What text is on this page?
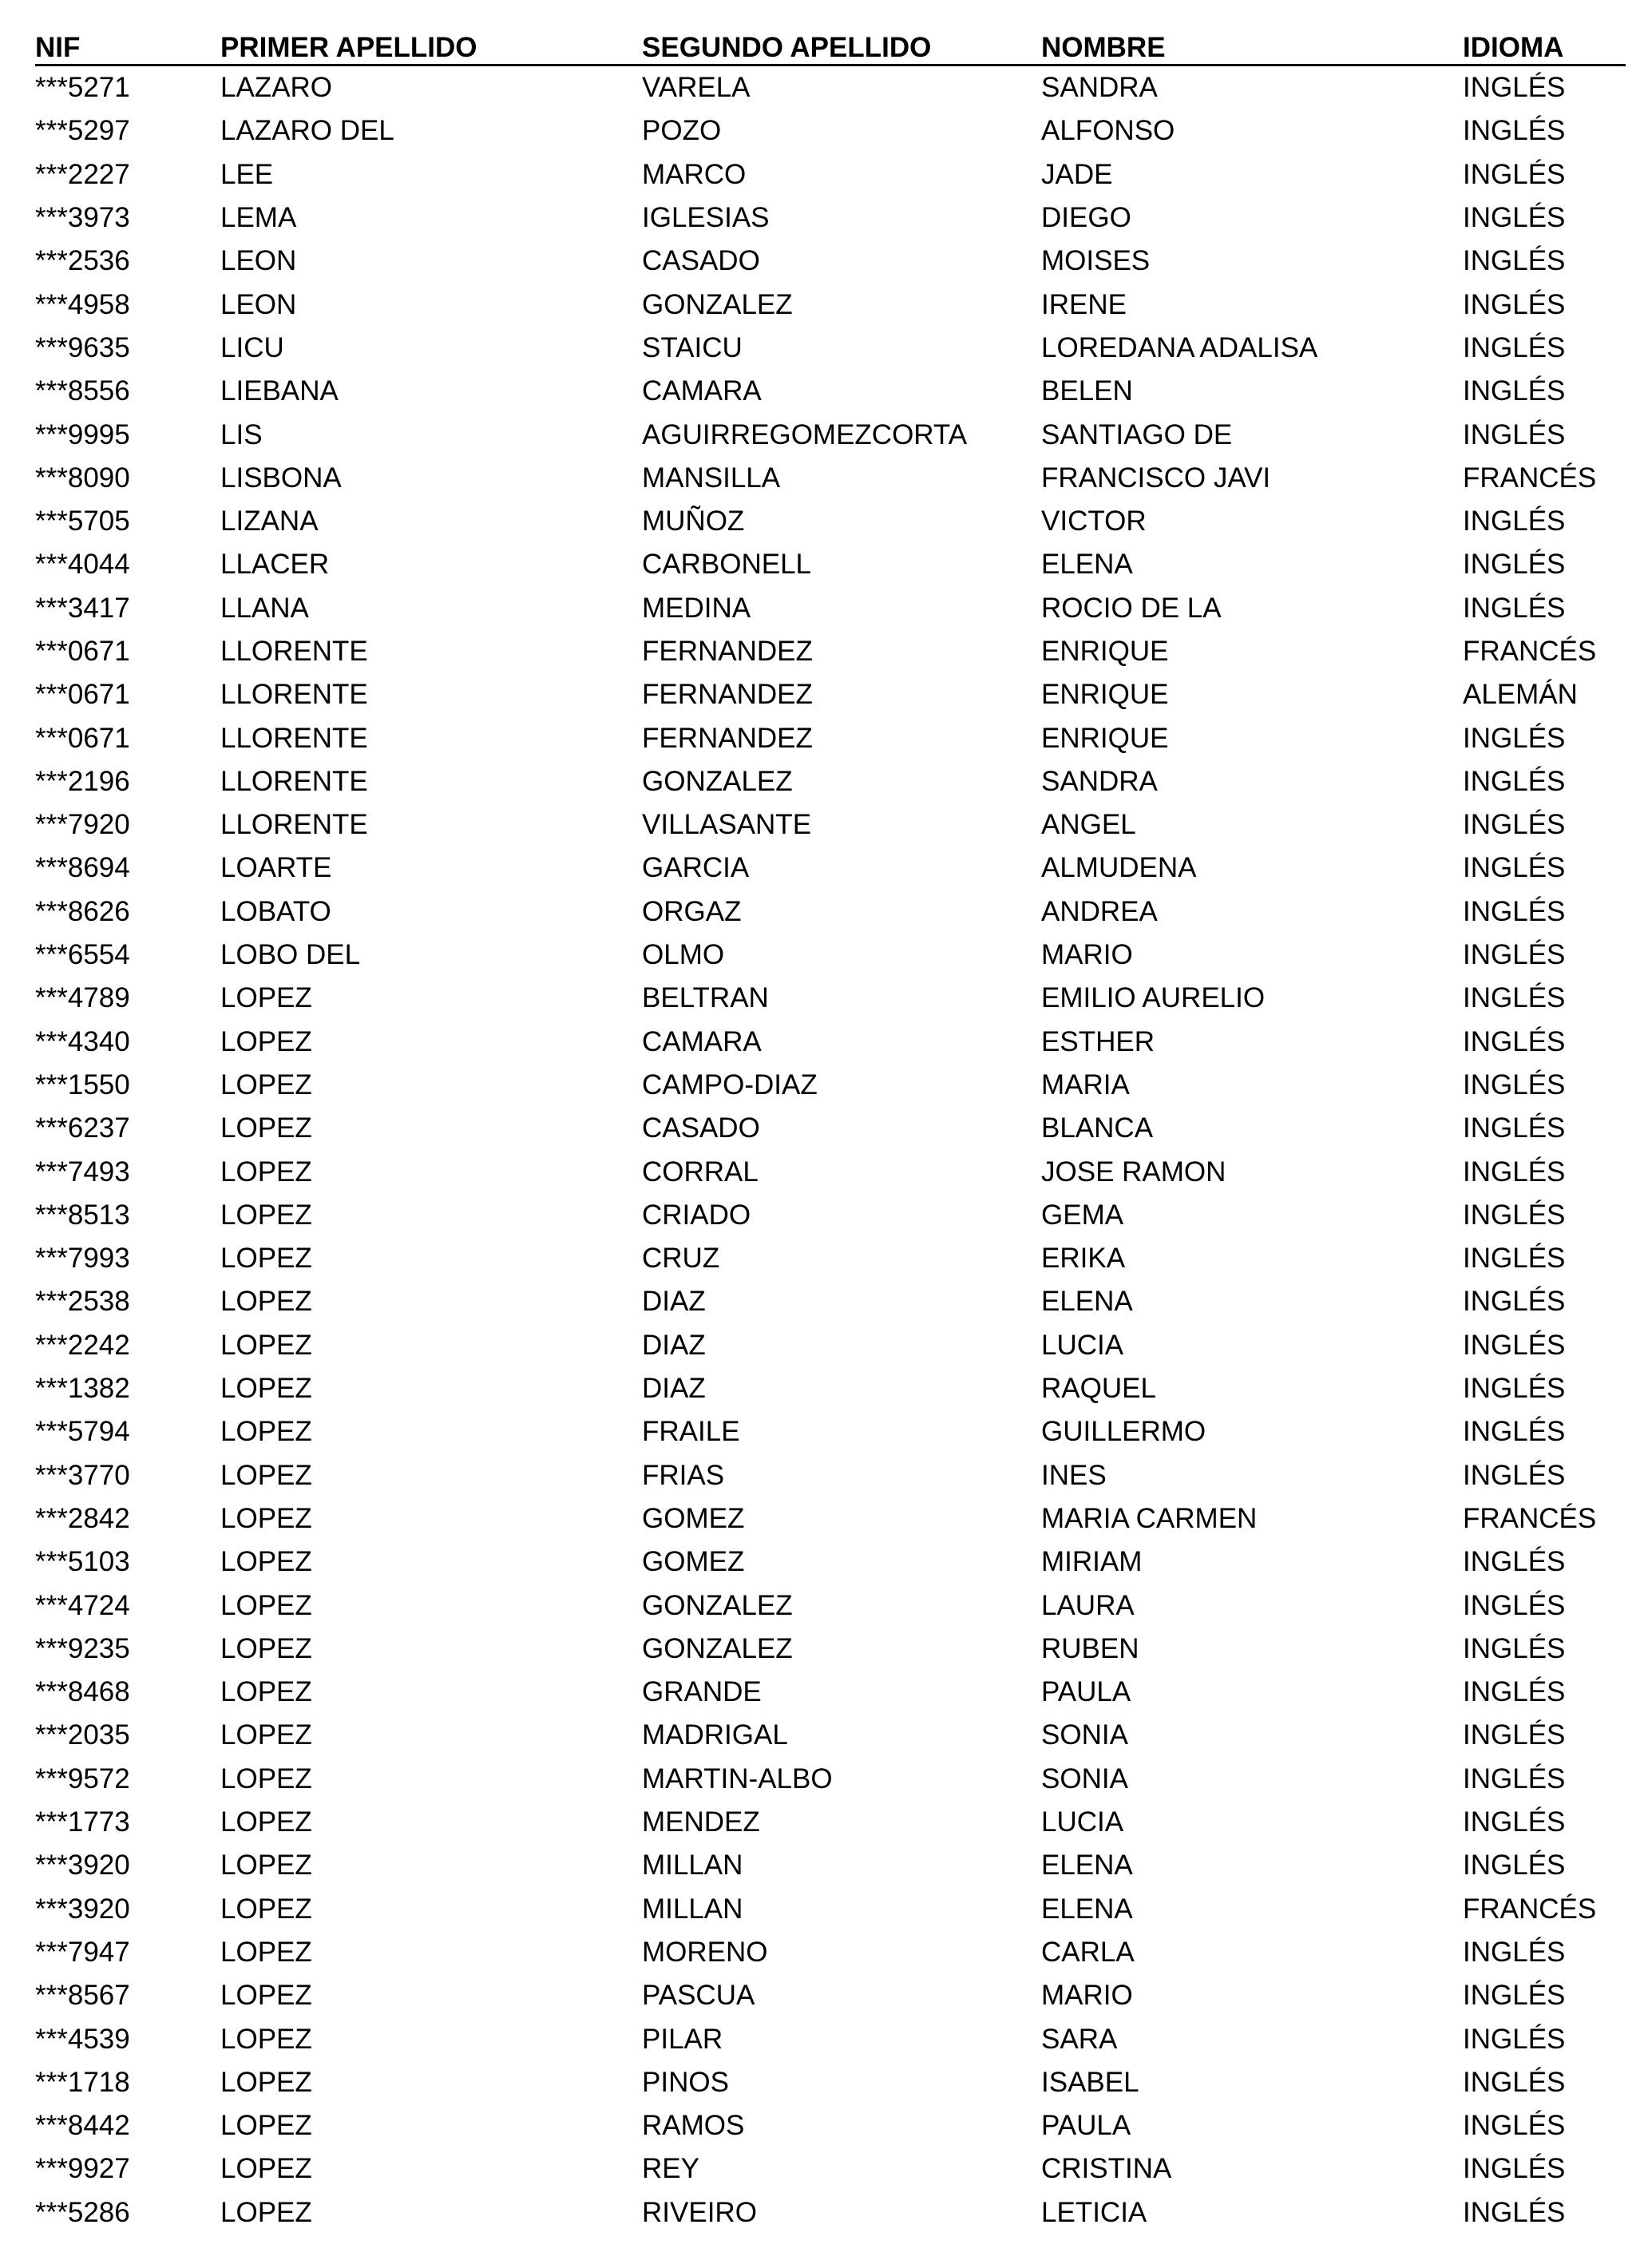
NIF	PRIMER APELLIDO	SEGUNDO APELLIDO	NOMBRE	IDIOMA
***5271	LAZARO	VARELA	SANDRA	INGLÉS
***5297	LAZARO DEL	POZO	ALFONSO	INGLÉS
***2227	LEE	MARCO	JADE	INGLÉS
***3973	LEMA	IGLESIAS	DIEGO	INGLÉS
***2536	LEON	CASADO	MOISES	INGLÉS
***4958	LEON	GONZALEZ	IRENE	INGLÉS
***9635	LICU	STAICU	LOREDANA ADALISA	INGLÉS
***8556	LIEBANA	CAMARA	BELEN	INGLÉS
***9995	LIS	AGUIRREGOMEZCORTA	SANTIAGO DE	INGLÉS
***8090	LISBONA	MANSILLA	FRANCISCO JAVI	FRANCÉS
***5705	LIZANA	MUÑOZ	VICTOR	INGLÉS
***4044	LLACER	CARBONELL	ELENA	INGLÉS
***3417	LLANA	MEDINA	ROCIO DE LA	INGLÉS
***0671	LLORENTE	FERNANDEZ	ENRIQUE	FRANCÉS
***0671	LLORENTE	FERNANDEZ	ENRIQUE	ALEMÁN
***0671	LLORENTE	FERNANDEZ	ENRIQUE	INGLÉS
***2196	LLORENTE	GONZALEZ	SANDRA	INGLÉS
***7920	LLORENTE	VILLASANTE	ANGEL	INGLÉS
***8694	LOARTE	GARCIA	ALMUDENA	INGLÉS
***8626	LOBATO	ORGAZ	ANDREA	INGLÉS
***6554	LOBO DEL	OLMO	MARIO	INGLÉS
***4789	LOPEZ	BELTRAN	EMILIO AURELIO	INGLÉS
***4340	LOPEZ	CAMARA	ESTHER	INGLÉS
***1550	LOPEZ	CAMPO-DIAZ	MARIA	INGLÉS
***6237	LOPEZ	CASADO	BLANCA	INGLÉS
***7493	LOPEZ	CORRAL	JOSE RAMON	INGLÉS
***8513	LOPEZ	CRIADO	GEMA	INGLÉS
***7993	LOPEZ	CRUZ	ERIKA	INGLÉS
***2538	LOPEZ	DIAZ	ELENA	INGLÉS
***2242	LOPEZ	DIAZ	LUCIA	INGLÉS
***1382	LOPEZ	DIAZ	RAQUEL	INGLÉS
***5794	LOPEZ	FRAILE	GUILLERMO	INGLÉS
***3770	LOPEZ	FRIAS	INES	INGLÉS
***2842	LOPEZ	GOMEZ	MARIA CARMEN	FRANCÉS
***5103	LOPEZ	GOMEZ	MIRIAM	INGLÉS
***4724	LOPEZ	GONZALEZ	LAURA	INGLÉS
***9235	LOPEZ	GONZALEZ	RUBEN	INGLÉS
***8468	LOPEZ	GRANDE	PAULA	INGLÉS
***2035	LOPEZ	MADRIGAL	SONIA	INGLÉS
***9572	LOPEZ	MARTIN-ALBO	SONIA	INGLÉS
***1773	LOPEZ	MENDEZ	LUCIA	INGLÉS
***3920	LOPEZ	MILLAN	ELENA	INGLÉS
***3920	LOPEZ	MILLAN	ELENA	FRANCÉS
***7947	LOPEZ	MORENO	CARLA	INGLÉS
***8567	LOPEZ	PASCUA	MARIO	INGLÉS
***4539	LOPEZ	PILAR	SARA	INGLÉS
***1718	LOPEZ	PINOS	ISABEL	INGLÉS
***8442	LOPEZ	RAMOS	PAULA	INGLÉS
***9927	LOPEZ	REY	CRISTINA	INGLÉS
***5286	LOPEZ	RIVEIRO	LETICIA	INGLÉS
